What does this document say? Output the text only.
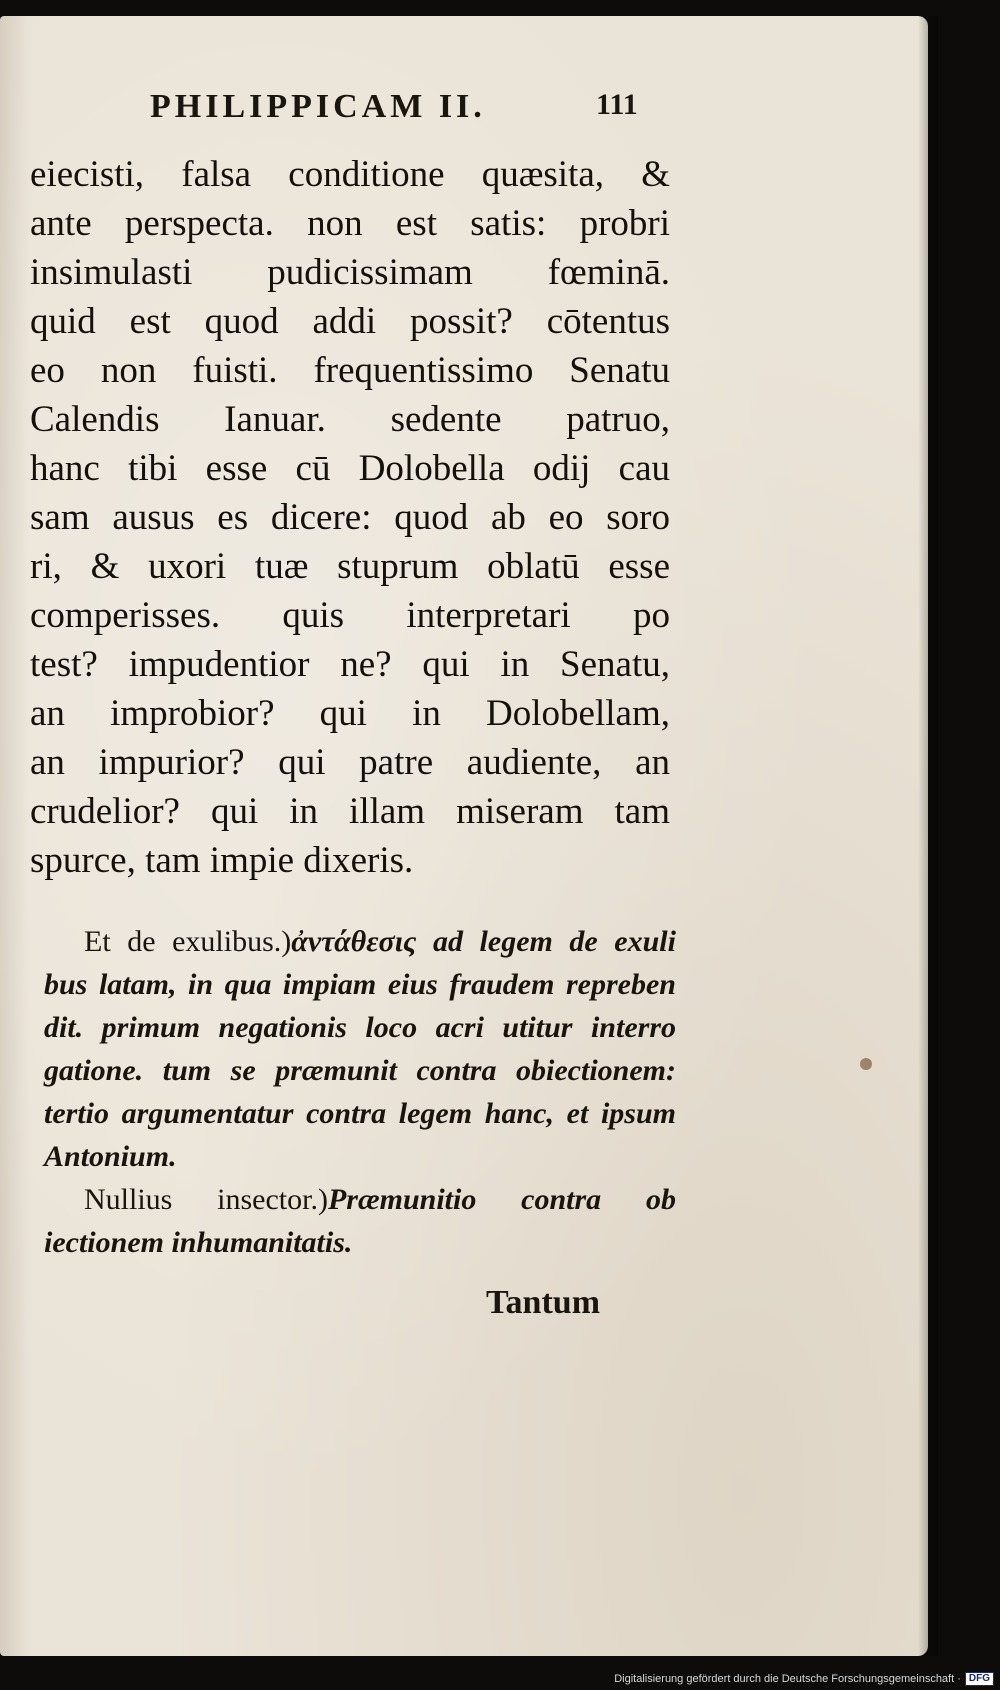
PHILIPPICAM II.	111
eiecisti, falsa conditione quæsita, &
ante perspecta. non est satis: probri
insimulasti pudicissimam fœminā.
quid est quod addi possit? cōtentus
eo non fuisti. frequentissimo Senatu
Calendis Ianuar. sedente patruo,
hanc tibi esse cū Dolobella odij cau
sam ausus es dicere: quod ab eo soro
ri, & uxori tuæ stuprum oblatū esse
comperisses. quis interpretari po
test? impudentior ne? qui in Senatu,
an improbior? qui in Dolobellam,
an impurior? qui patre audiente, an
crudelior? qui in illam miseram tam
spurce, tam impie dixeris.
Et de exulibus.)ἀντάθεσις ad legem de exuli
bus latam, in qua impiam eius fraudem repreben
dit. primum negationis loco acri utitur interro
gatione. tum se præmunit contra obiectionem:
tertio argumentatur contra legem hanc, et ipsum
Antonium.
Nullius insector.)Præmunitio contra ob
iectionem inhumanitatis.
Tantum
Digitalisierung gefördert durch die Deutsche Forschungsgemeinschaft · DFG
